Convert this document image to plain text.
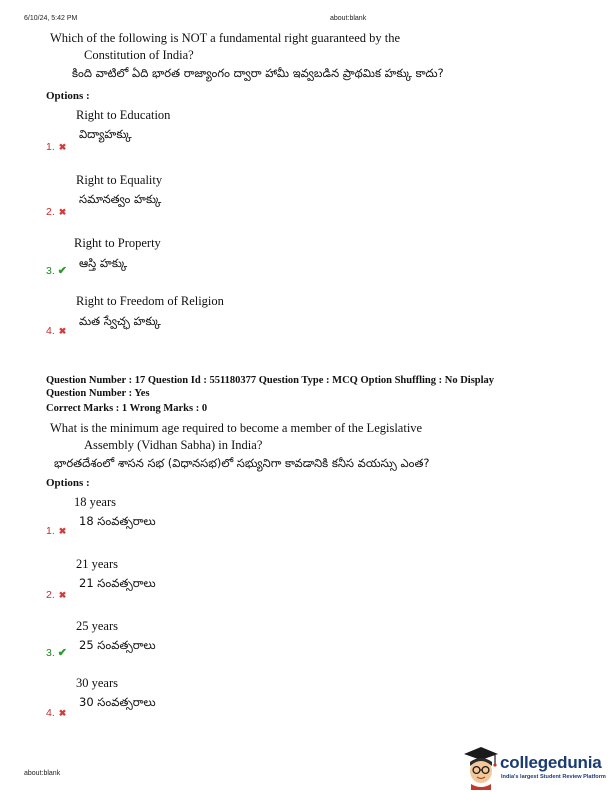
6/10/24, 5:42 PM	about:blank
Which of the following is NOT a fundamental right guaranteed by the
Constitution of India?
కింది వాటిలో ఏది భారత రాజ్యాంగం ద్వారా హామీ ఇవ్వబడిన ప్రాథమిక హక్కు కాదు?
Options :
Right to Education
విద్యాహక్కు
1. ✖
Right to Equality
సమానత్వం హక్కు
2. ✖
Right to Property
ఆస్తి హక్కు
3. ✔
Right to Freedom of Religion
మత స్వేచ్ఛ హక్కు
4. ✖
Question Number : 17 Question Id : 551180377 Question Type : MCQ Option Shuffling : No Display
Question Number : Yes
Correct Marks : 1 Wrong Marks : 0
What is the minimum age required to become a member of the Legislative
Assembly (Vidhan Sabha) in India?
భారతదేశంలో శాసన సభ (విధానసభ)లో సభ్యునిగా కావడానికి కనీస వయస్సు ఎంత?
Options :
18 years
18 సంవత్సరాలు
1. ✖
21 years
21 సంవత్సరాలు
2. ✖
25 years
25 సంవత్సరాలు
3. ✔
30 years
30 సంవత్సరాలు
4. ✖
about:blank
collegedunia
India's largest Student Review Platform
